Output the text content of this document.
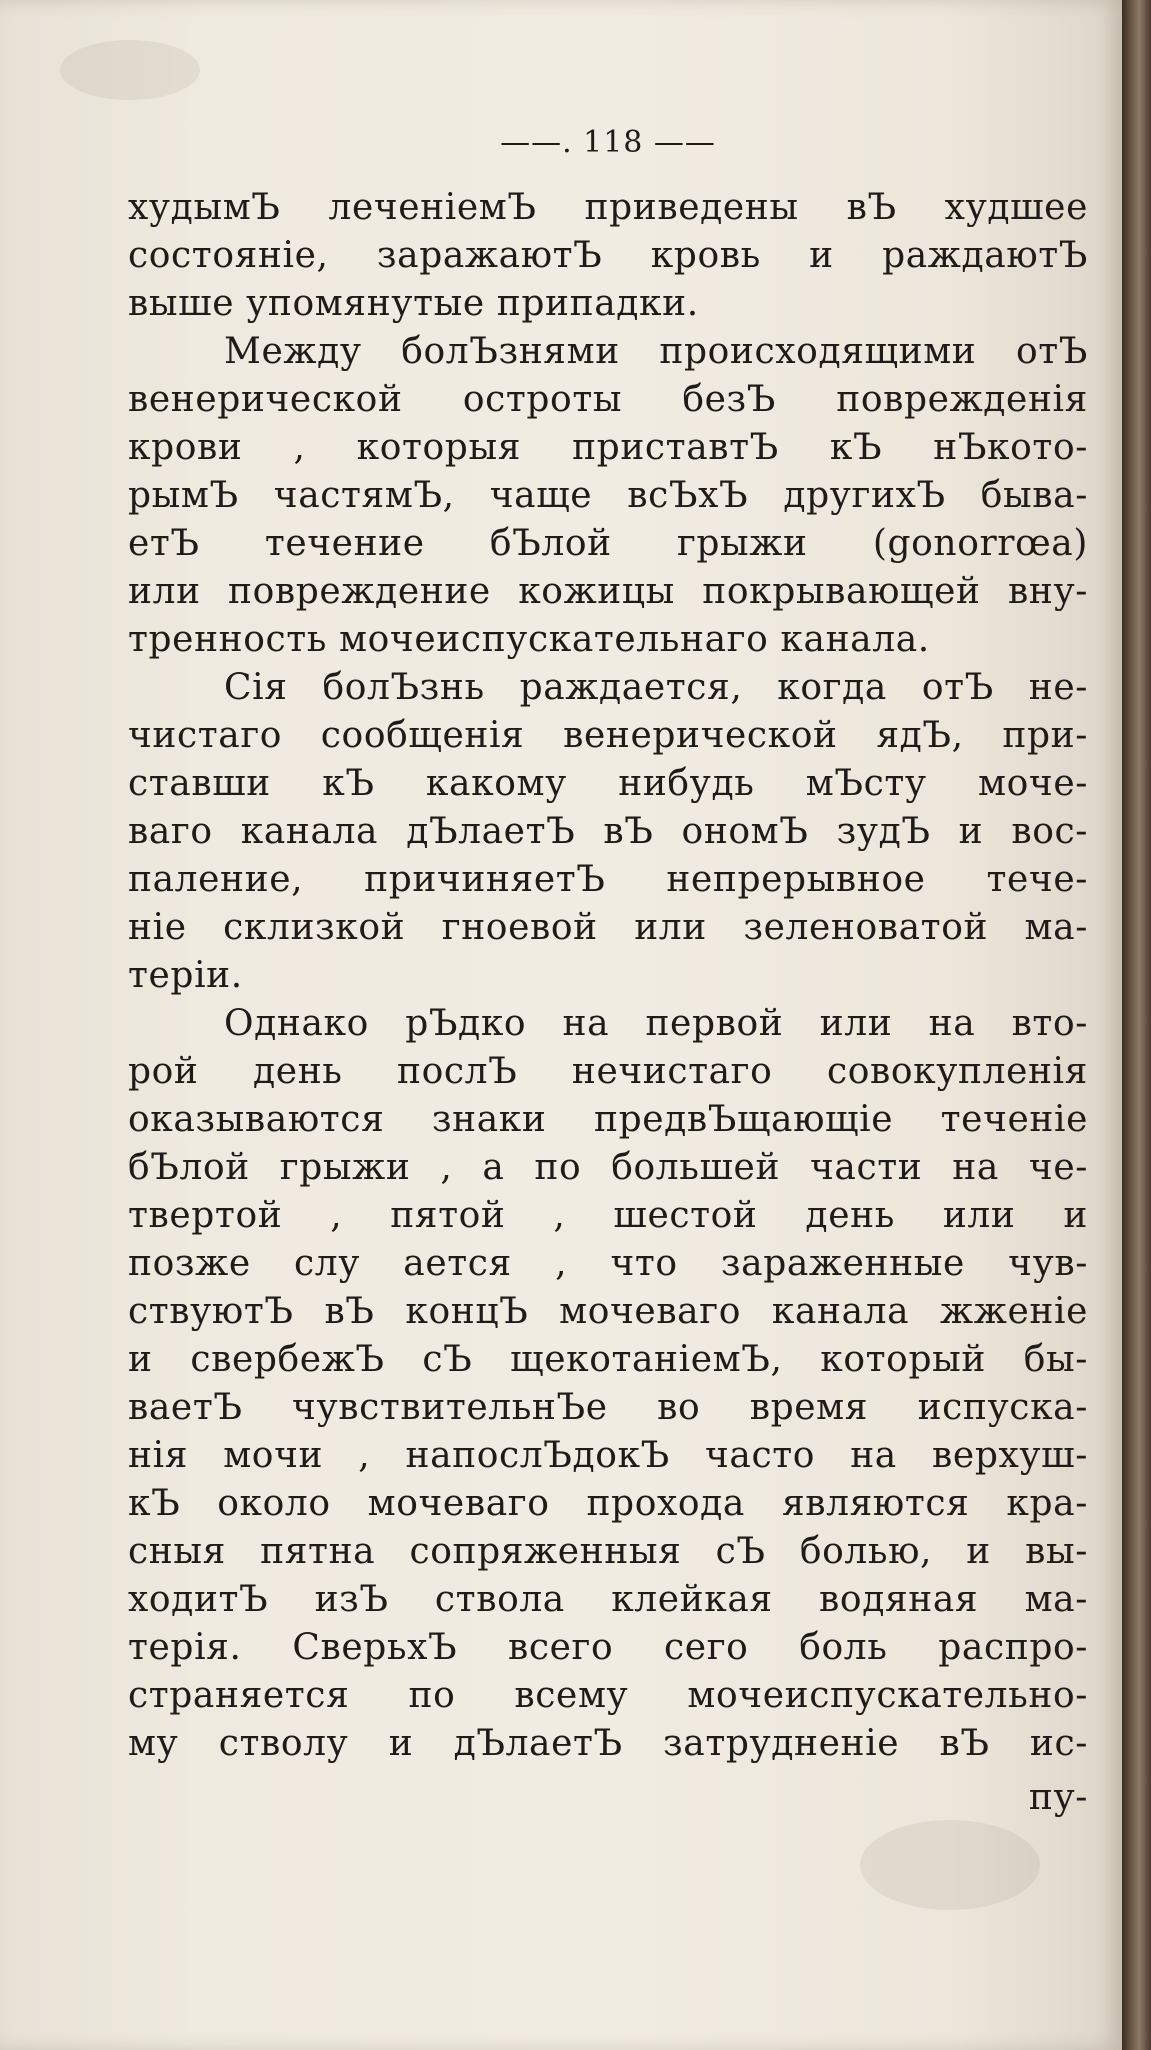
——. 118 ——
худымЪ леченіемЪ приведены вЪ худшее
состояніе, заражаютЪ кровь и раждаютЪ
выше упомянутые припадки.
Между болЪзнями происходящими отЪ
венерической остроты безЪ поврежденія
крови , которыя приставтЪ кЪ нЪкото-
рымЪ частямЪ, чаще всЪхЪ другихЪ быва-
етЪ течение бЪлой грыжи (gonorrœa)
или повреждение кожицы покрывающей вну-
тренность мочеиспускательнаго канала.
Сія болЪзнь раждается, когда отЪ не-
чистаго сообщенія венерической ядЪ, при-
ставши кЪ какому нибудь мЪсту моче-
ваго канала дЪлаетЪ вЪ ономЪ зудЪ и вос-
паление, причиняетЪ непрерывное тече-
ніе склизкой гноевой или зеленоватой ма-
теріи.
Однако рЪдко на первой или на вто-
рой день послЪ нечистаго совокупленія
оказываются знаки предвЪщающіе теченіе
бЪлой грыжи , а по большей части на че-
твертой , пятой , шестой день или и
позже слу ается , что зараженные чув-
ствуютЪ вЪ концЪ мочеваго канала жженіе
и свербежЪ сЪ щекотаніемЪ, который бы-
ваетЪ чувствительнЪе во время испуска-
нія мочи , напослЪдокЪ часто на верхуш-
кЪ около мочеваго прохода являются кра-
сныя пятна сопряженныя сЪ болью, и вы-
ходитЪ изЪ ствола клейкая водяная ма-
терія. СверьхЪ всего сего боль распро-
страняется по всему мочеиспускательно-
му стволу и дЪлаетЪ затрудненіе вЪ ис-
пу-
